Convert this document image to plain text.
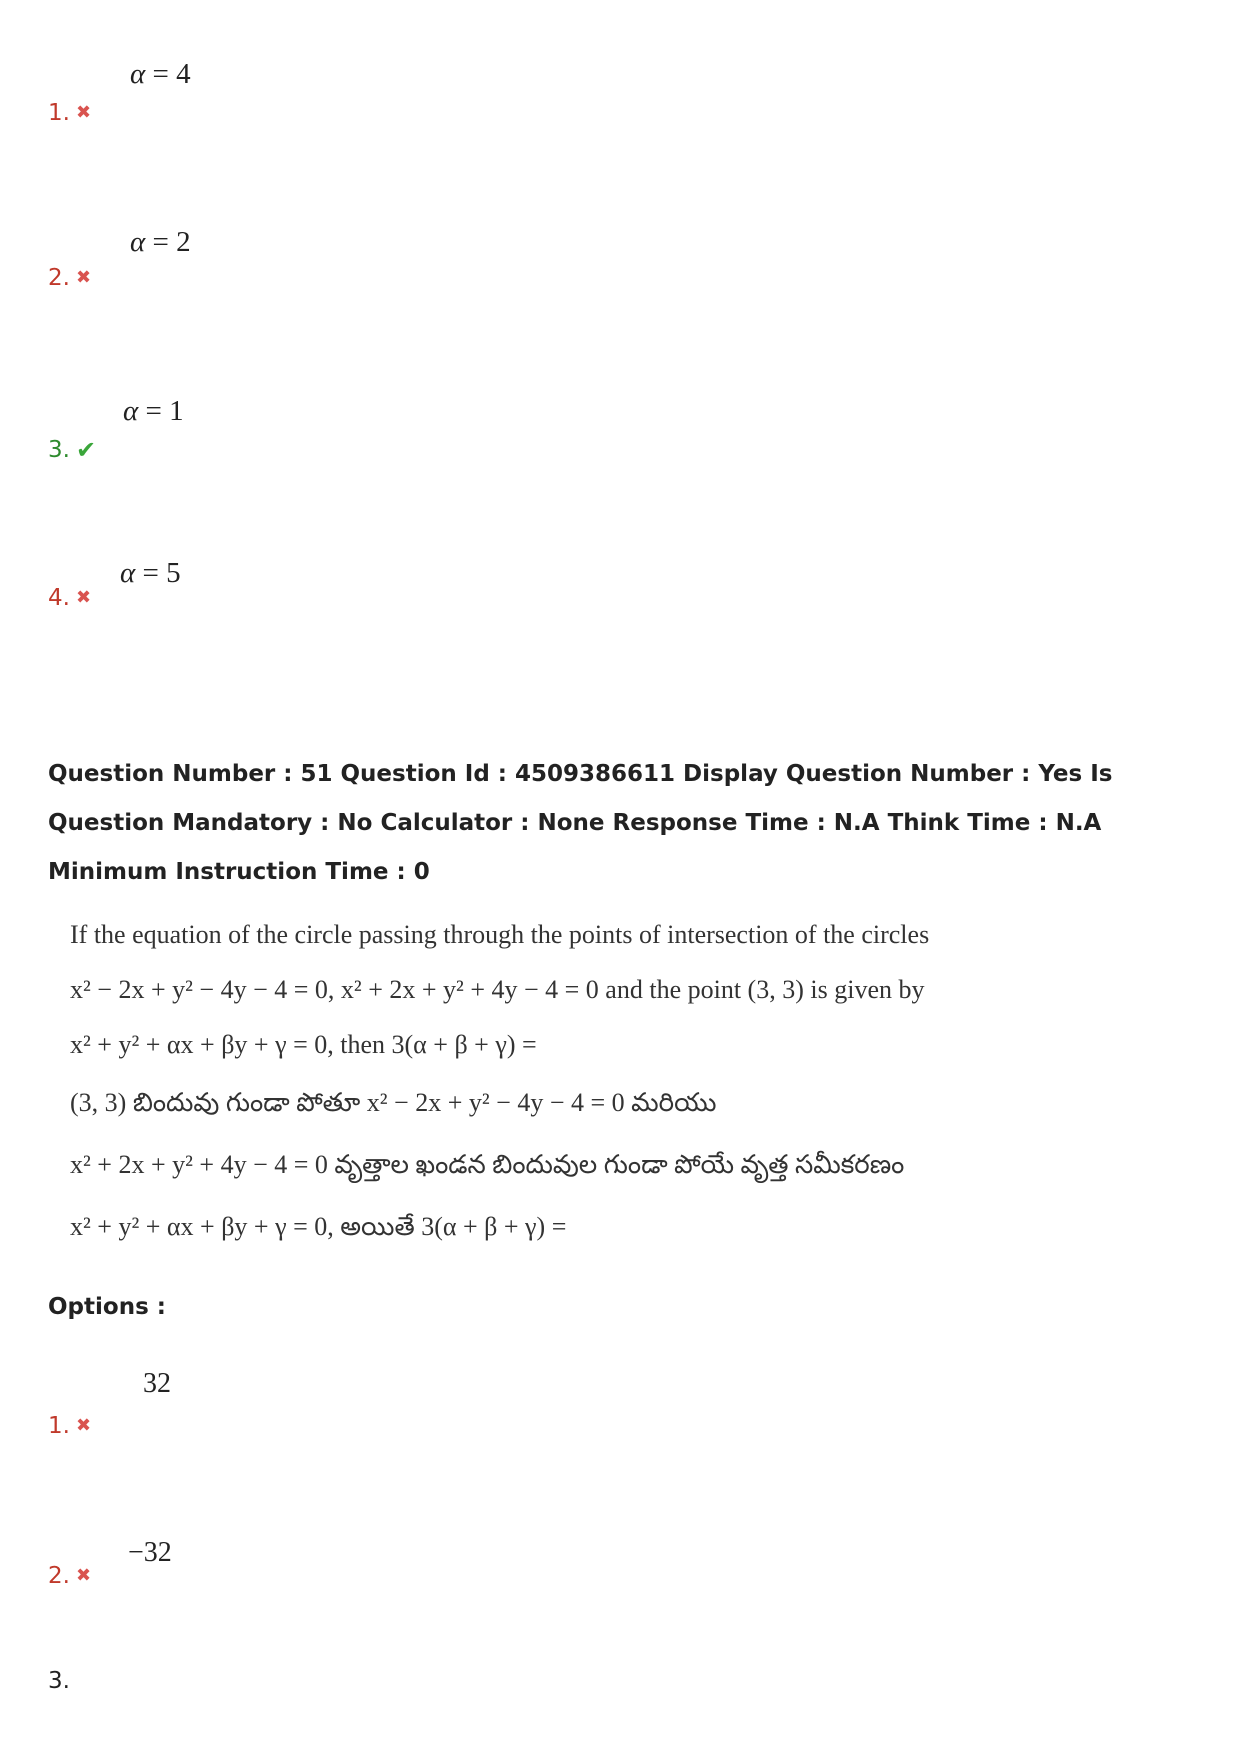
α = 4
1. ✖
α = 2
2. ✖
α = 1
3. ✔
α = 5
4. ✖
Question Number : 51 Question Id : 4509386611 Display Question Number : Yes Is Question Mandatory : No Calculator : None Response Time : N.A Think Time : N.A Minimum Instruction Time : 0
If the equation of the circle passing through the points of intersection of the circles
x² − 2x + y² − 4y − 4 = 0, x² + 2x + y² + 4y − 4 = 0 and the point (3, 3) is given by
x² + y² + αx + βy + γ = 0, then 3(α + β + γ) =
(3, 3) బిందువు గుండా పోతూ x² − 2x + y² − 4y − 4 = 0 మరియు
x² + 2x + y² + 4y − 4 = 0 వృత్తాల ఖండన బిందువుల గుండా పోయే వృత్త సమీకరణం
x² + y² + αx + βy + γ = 0, అయితే 3(α + β + γ) =
Options :
32
1. ✖
−32
2. ✖
3.
